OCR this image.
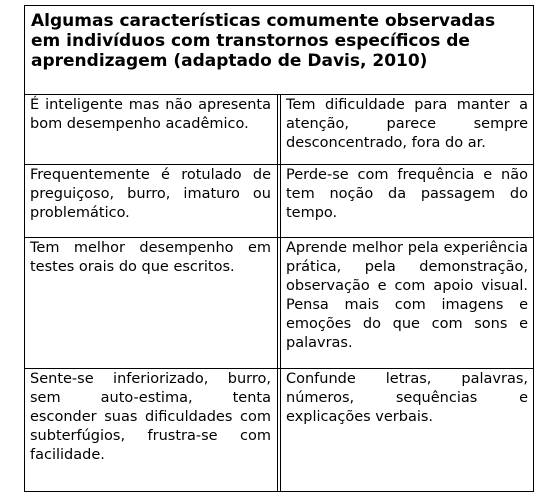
Algumas características comumente observadas em indivíduos com transtornos específicos de aprendizagem (adaptado de Davis, 2010)
É inteligente mas não apresenta bom desempenho acadêmico.
Tem dificuldade para manter a atenção, parece sempre desconcentrado, fora do ar.
Frequentemente é rotulado de preguiçoso, burro, imaturo ou problemático.
Perde-se com frequência e não tem noção da passagem do tempo.
Tem melhor desempenho em testes orais do que escritos.
Aprende melhor pela experiência prática, pela demonstração, observação e com apoio visual. Pensa mais com imagens e emoções do que com sons e palavras.
Sente-se inferiorizado, burro, sem auto-estima, tenta esconder suas dificuldades com subterfúgios, frustra-se com facilidade.
Confunde letras, palavras, números, sequências e explicações verbais.
